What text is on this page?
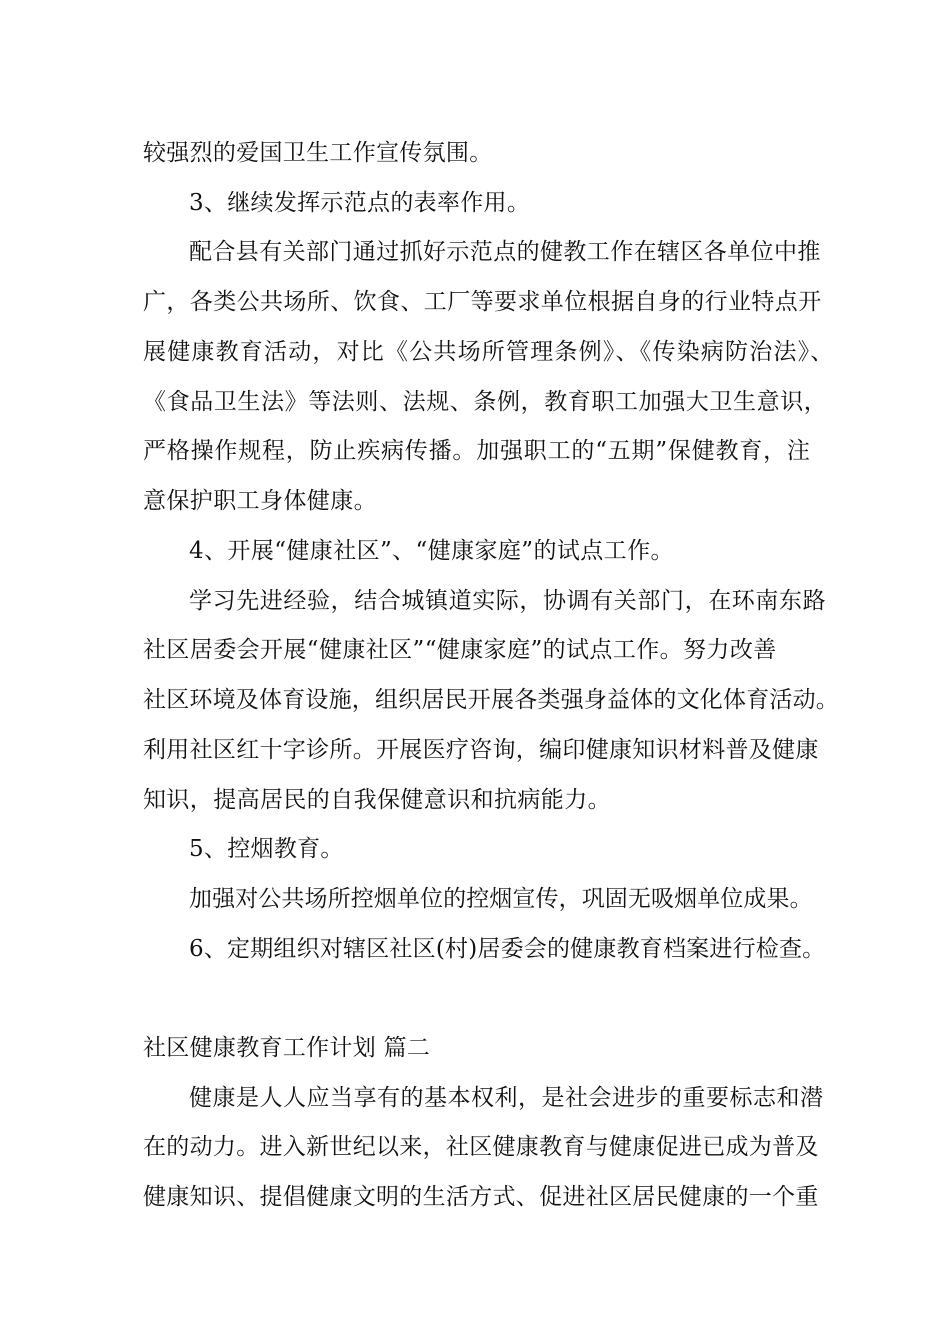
较强烈的爱国卫生工作宣传氛围。
3、继续发挥示范点的表率作用。
配合县有关部门通过抓好示范点的健教工作在辖区各单位中推
广，各类公共场所、饮食、工厂等要求单位根据自身的行业特点开
展健康教育活动，对比《公共场所管理条例》、《传染病防治法》、
《食品卫生法》等法则、法规、条例，教育职工加强大卫生意识，
严格操作规程，防止疾病传播。加强职工的“五期”保健教育，注
意保护职工身体健康。
4、开展“健康社区”、“健康家庭”的试点工作。
学习先进经验，结合城镇道实际，协调有关部门，在环南东路
社区居委会开展“健康社区”“健康家庭”的试点工作。努力改善
社区环境及体育设施，组织居民开展各类强身益体的文化体育活动。
利用社区红十字诊所。开展医疗咨询，编印健康知识材料普及健康
知识，提高居民的自我保健意识和抗病能力。
5、控烟教育。
加强对公共场所控烟单位的控烟宣传，巩固无吸烟单位成果。
6、定期组织对辖区社区(村)居委会的健康教育档案进行检查。
社区健康教育工作计划 篇二
健康是人人应当享有的基本权利，是社会进步的重要标志和潜
在的动力。进入新世纪以来，社区健康教育与健康促进已成为普及
健康知识、提倡健康文明的生活方式、促进社区居民健康的一个重
